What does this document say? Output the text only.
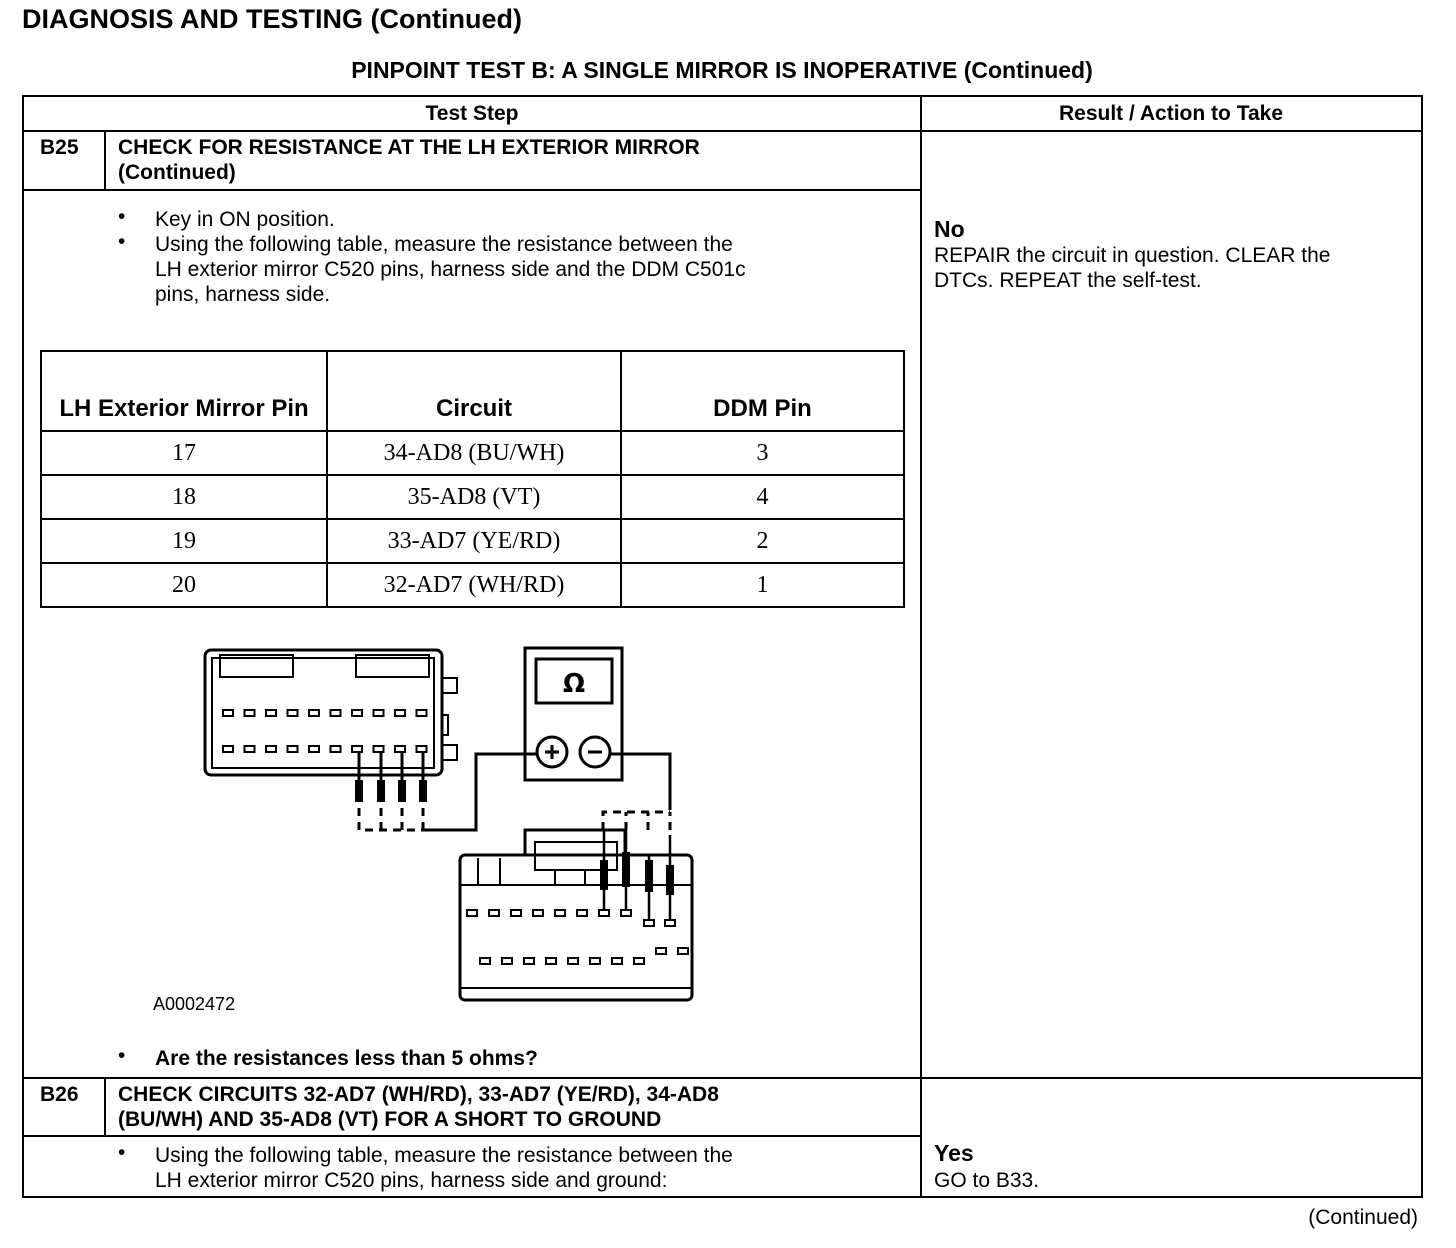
DIAGNOSIS AND TESTING (Continued)
PINPOINT TEST B: A SINGLE MIRROR IS INOPERATIVE (Continued)
Test Step	Result / Action to Take
B25 CHECK FOR RESISTANCE AT THE LH EXTERIOR MIRROR
(Continued)
• Key in ON position.
• Using the following table, measure the resistance between the
LH exterior mirror C520 pins, harness side and the DDM C501c
pins, harness side.
LH Exterior Mirror Pin	Circuit	DDM Pin
17	34-AD8 (BU/WH)	3
18	35-AD8 (VT)	4
19	33-AD7 (YE/RD)	2
20	32-AD7 (WH/RD)	1
Ω
A0002472
• Are the resistances less than 5 ohms?
No
REPAIR the circuit in question. CLEAR the
DTCs. REPEAT the self-test.
B26 CHECK CIRCUITS 32-AD7 (WH/RD), 33-AD7 (YE/RD), 34-AD8
(BU/WH) AND 35-AD8 (VT) FOR A SHORT TO GROUND
• Using the following table, measure the resistance between the
LH exterior mirror C520 pins, harness side and ground:
Yes
GO to B33.
(Continued)
